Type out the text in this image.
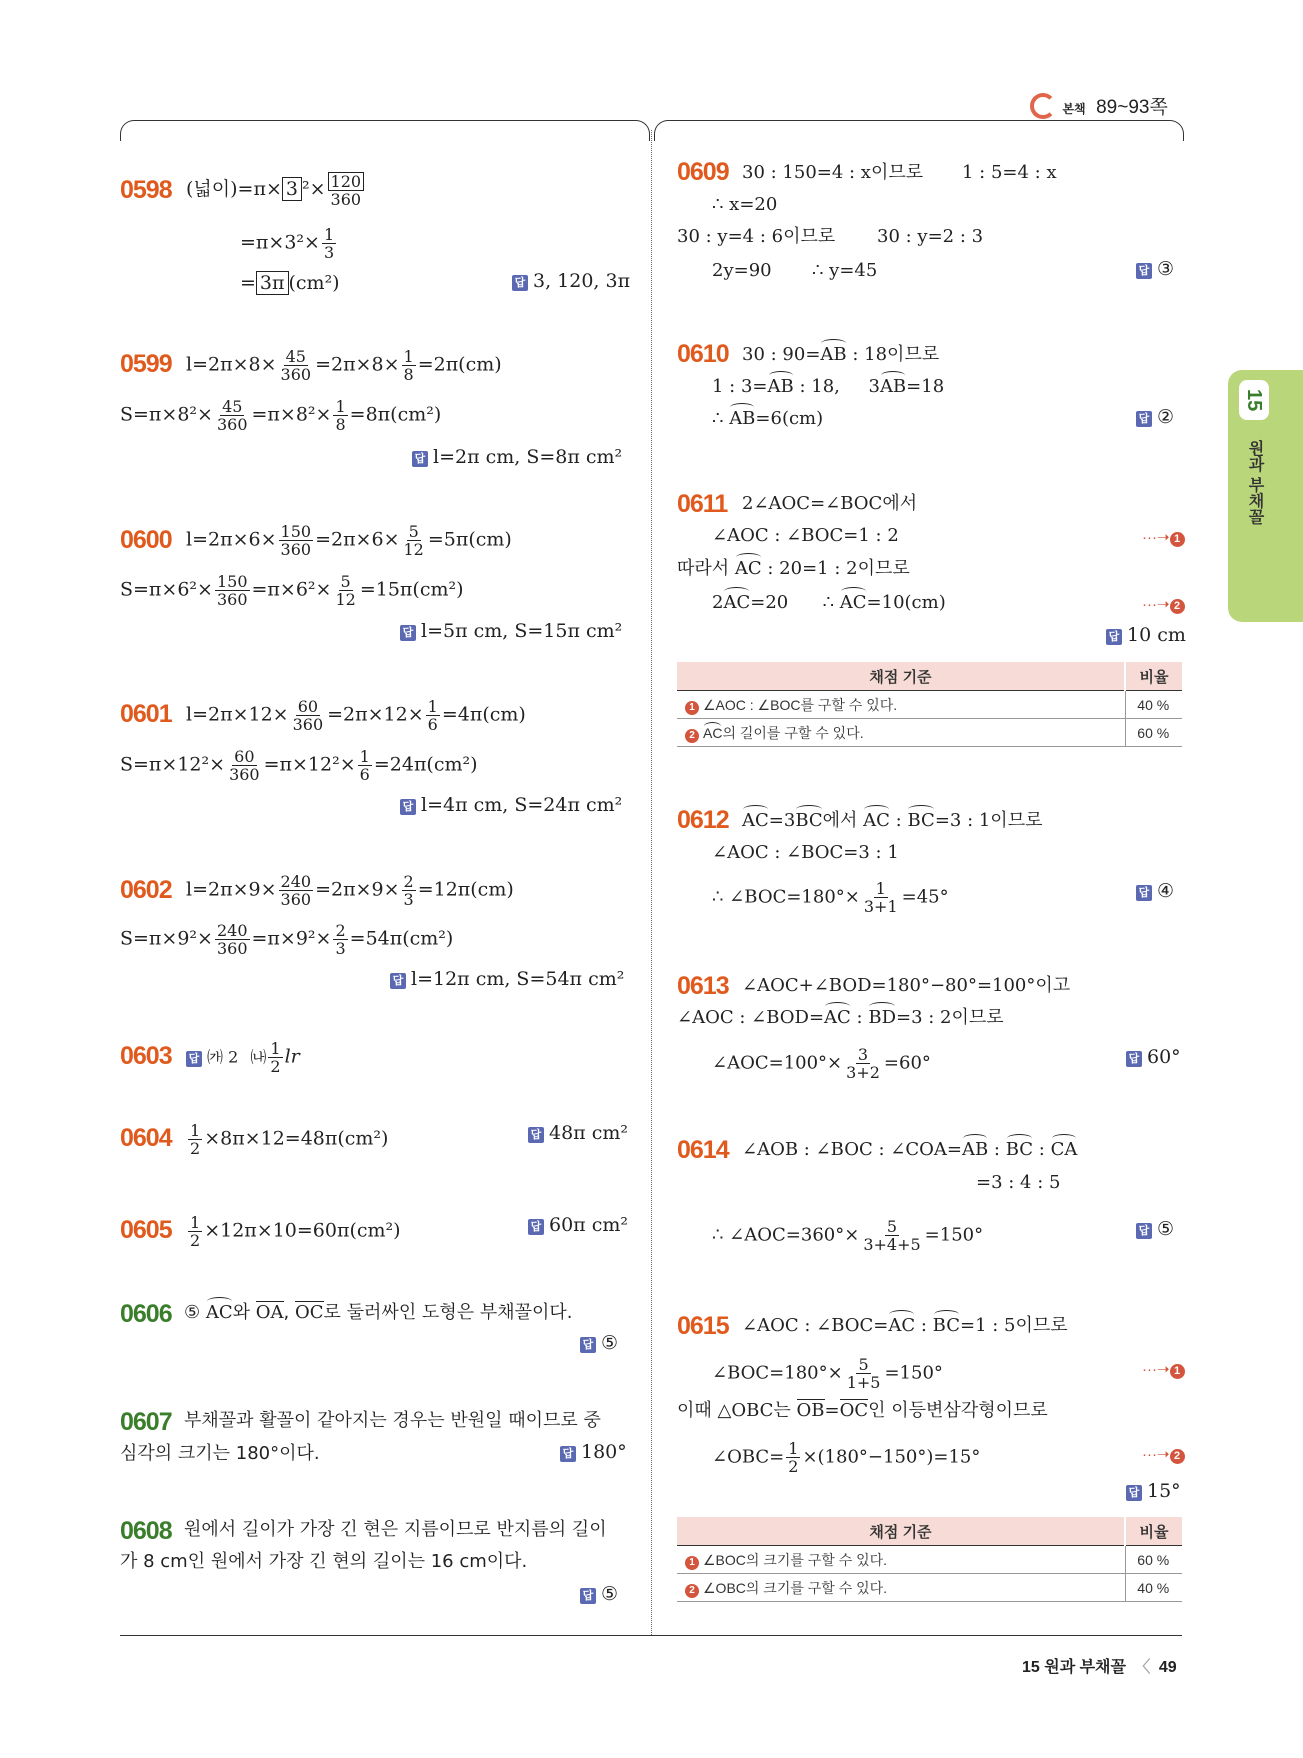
본책 89~93쪽
15
원과 부채꼴
0598 (넓이)=π× 3 $^2\times \frac{120}{360}$
$=\pi\times 3^2\times \frac{1}{3}$
= 3π (cm²)	답 3, 120, 3π
0599 $l=2\pi\times 8\times \frac{45}{360} =2\pi\times 8\times \frac{1}{8} =2\pi(cm)$
$S=\pi\times 8^2\times \frac{45}{360} =\pi\times 8^2\times \frac{1}{8} =8\pi(cm^2)$
답 l=2π cm, S=8π cm²
0600 $l=2\pi\times 6\times \frac{150}{360} =2\pi\times 6\times \frac{5}{12} =5\pi(cm)$
$S=\pi\times 6^2\times \frac{150}{360} =\pi\times 6^2\times \frac{5}{12} =15\pi(cm^2)$
답 l=5π cm, S=15π cm²
0601 $l=2\pi\times 12\times \frac{60}{360} =2\pi\times 12\times \frac{1}{6} =4\pi(cm)$
$S=\pi\times 12^2\times \frac{60}{360} =\pi\times 12^2\times \frac{1}{6} =24\pi(cm^2)$
답 l=4π cm, S=24π cm²
0602 $l=2\pi\times 9\times \frac{240}{360} =2\pi\times 9\times \frac{2}{3} =12\pi(cm)$
$S=\pi\times 9^2\times \frac{240}{360} =\pi\times 9^2\times \frac{2}{3} =54\pi(cm^2)$
답 l=12π cm, S=54π cm²
0603 답 ㈎ 2 ㈏ $\frac{1}{2}$ lr
$0604 \frac{1}{2} \times 8\pi\times 12=48\pi(cm^2)$	답 48π cm²
$0605 \frac{1}{2} \times 12\pi\times 10=60\pi(cm^2)$	답 60π cm²
0606 ⑤ AC와 OA, OC로 둘러싸인 도형은 부채꼴이다.
답 ⑤
0607 부채꼴과 활꼴이 같아지는 경우는 반원일 때이므로 중
심각의 크기는 180°이다.	답 180°
0608 원에서 길이가 가장 긴 현은 지름이므로 반지름의 길이
가 8 cm인 원에서 가장 긴 현의 길이는 16 cm이다.
답 ⑤
0609 30 : 150=4 : x이므로 1 : 5=4 : x
∴ x=20
30 : y=4 : 6이므로 30 : y=2 : 3
2y=90 ∴ y=45	답 ③
0610 30 : 90=AB : 18이므로
1 : 3=AB : 18, 3AB=18
∴ AB=6(cm)	답 ②
0611 2∠AOC=∠BOC에서
∠AOC : ∠BOC=1 : 2	···➝ 1
따라서 AC : 20=1 : 2이므로
2AC=20 ∴ AC=10(cm)	···➝ 2
답 10 cm
채점 기준	비율
1 ∠AOC : ∠BOC를 구할 수 있다.	40 %
2 AC의 길이를 구할 수 있다.	60 %
0612 AC=3BC에서 AC : BC=3 : 1이므로
∠AOC : ∠BOC=3 : 1
∴ ∠BOC=180°× $\frac{1}{3+1} =45^\circ$	답 ④
0613 ∠AOC+∠BOD=180°−80°=100°이고
∠AOC : ∠BOD=AC : BD=3 : 2이므로
∠AOC=100°× $\frac{3}{3+2} =60^\circ$	답 60°
0614 ∠AOB : ∠BOC : ∠COA=AB : BC : CA
=3 : 4 : 5
∴ ∠AOC=360°× $\frac{5}{3+4+5} =150^\circ$	답 ⑤
0615 ∠AOC : ∠BOC=AC : BC=1 : 5이므로
∠BOC=180°× $\frac{5}{1+5} =150^\circ$	···➝ 1
이때 △OBC는 OB=OC인 이등변삼각형이므로
∠OBC= $\frac{1}{2} \times(180^\circ-150^\circ)=15^\circ$	···➝ 2
답 15°
채점 기준	비율
1 ∠BOC의 크기를 구할 수 있다.	60 %
2 ∠OBC의 크기를 구할 수 있다.	40 %
15 원과 부채꼴 〈 49
